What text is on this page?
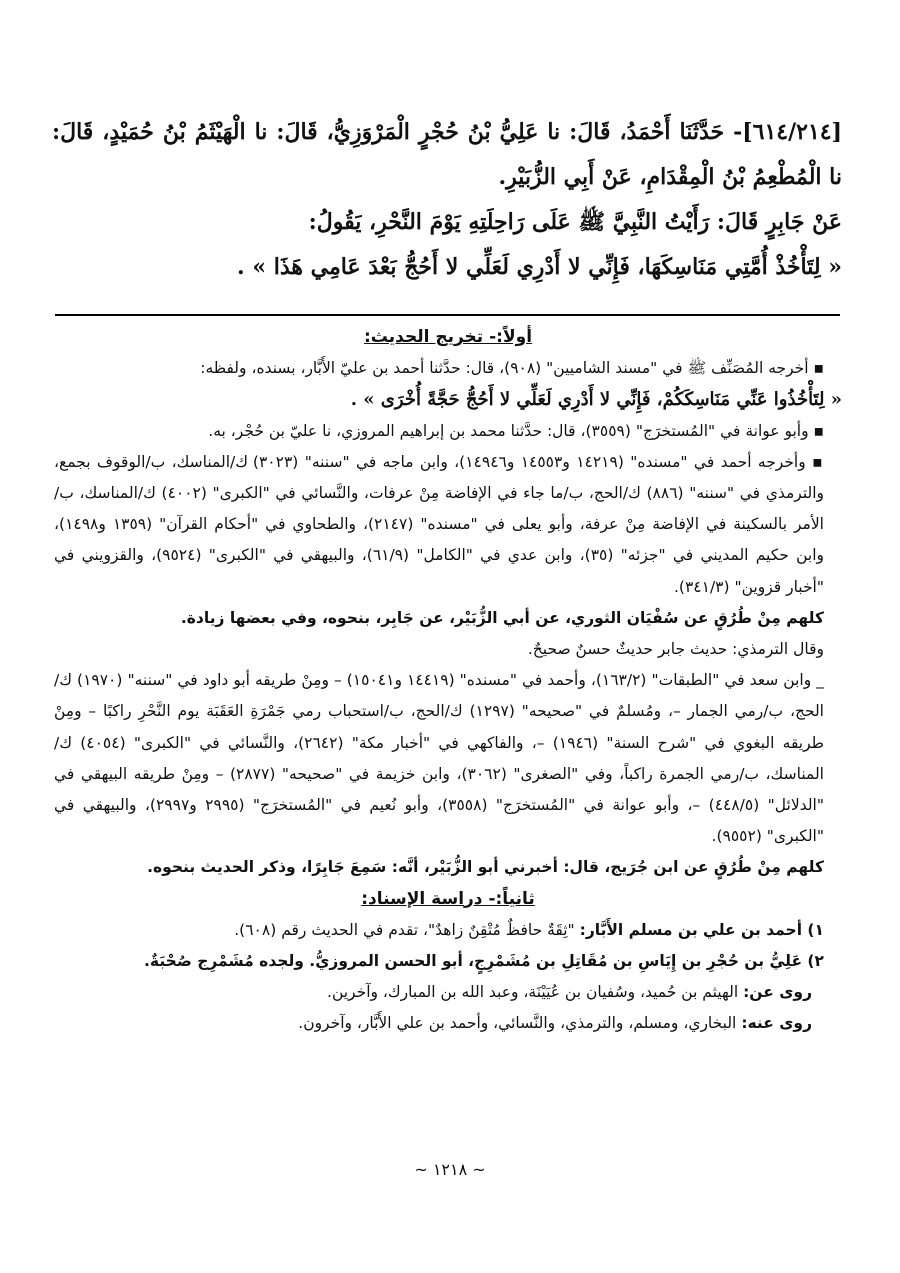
[٦١٤/٢١٤]- حَدَّثَنَا أَحْمَدُ، قَالَ: نا عَلِيُّ بْنُ حُجْرٍ الْمَرْوَزِيُّ، قَالَ: نا الْهَيْثَمُ بْنُ حُمَيْدٍ، قَالَ: نا الْمُطْعِمُ بْنُ الْمِقْدَامِ، عَنْ أَبِي الزُّبَيْرِ.

عَنْ جَابِرٍ قَالَ: رَأَيْتُ النَّبِيَّ ﷺ عَلَى رَاحِلَتِهِ يَوْمَ النَّحْرِ، يَقُولُ:

« لِتَأْخُذْ أُمَّتِي مَنَاسِكَهَا، فَإِنِّي لا أَدْرِي لَعَلِّي لا أَحُجُّ بَعْدَ عَامِي هَذَا » .

أولاً:- تخريج الحديث:

▪ أخرجه المُصَنِّف ﷺ في "مسند الشاميين" (٩٠٨)، قال: حدَّثنا أحمد بن عليّ الأَبَّار، بسنده، ولفظه:

« لِتَأْخُذُوا عَنِّي مَنَاسِكَكُمْ، فَإِنِّي لا أَدْرِي لَعَلِّي لا أَحُجُّ حَجَّةً أُخْرَى » .

▪ وأبو عوانة في "المُستخرَج" (٣٥٥٩)، قال: حدَّثنا محمد بن إبراهيم المروزي، نا عليّ بن حُجْر، به.

▪ وأخرجه أحمد في "مسنده" (١٤٢١٩ و١٤٥٥٣ و١٤٩٤٦)، وابن ماجه في "سننه" (٣٠٢٣) ك/المناسك، ب/الوقوف بجمع، والترمذي في "سننه" (٨٨٦) ك/الحج، ب/ما جاء في الإفاضة مِنْ عرفات، والنَّسائي في "الكبرى" (٤٠٠٢) ك/المناسك، ب/الأمر بالسكينة في الإفاضة مِنْ عرفة، وأبو يعلى في "مسنده" (٢١٤٧)، والطحاوي في "أحكام القرآن" (١٣٥٩ و١٤٩٨)، وابن حكيم المديني في "جزئه" (٣٥)، وابن عدي في "الكامل" (٦١/٩)، والبيهقي في "الكبرى" (٩٥٢٤)، والقزويني في "أخبار قزوين" (٣٤١/٣).

كلهم مِنْ طُرُقٍ عن سُفْيَان الثوري، عن أبي الزُّبَيْر، عن جَابِر، بنحوه، وفي بعضها زيادة.

وقال الترمذي: حديث جابر حديثٌ حسنٌ صحيحٌ.

_ وابن سعد في "الطبقات" (١٦٣/٢)، وأحمد في "مسنده" (١٤٤١٩ و١٥٠٤١) – ومِنْ طريقه أبو داود في "سننه" (١٩٧٠) ك/الحج، ب/رمي الجمار –، ومُسلمٌ في "صحيحه" (١٢٩٧) ك/الحج، ب/استحباب رمي جَمْرَةِ العَقَبَة يوم النَّحْرِ راكبًا – ومِنْ طريقه البغوي في "شرح السنة" (١٩٤٦) –، والفاكهي في "أخبار مكة" (٢٦٤٢)، والنَّسائي في "الكبرى" (٤٠٥٤) ك/المناسك، ب/رمي الجمرة راكباً، وفي "الصغرى" (٣٠٦٢)، وابن خزيمة في "صحيحه" (٢٨٧٧) – ومِنْ طريقه البيهقي في "الدلائل" (٤٤٨/٥) –، وأبو عوانة في "المُستخرَج" (٣٥٥٨)، وأبو نُعيم في "المُستخرَج" (٢٩٩٥ و٢٩٩٧)، والبيهقي في "الكبرى" (٩٥٥٢).

كلهم مِنْ طُرُقٍ عن ابن جُرَيج، قال: أخبرني أبو الزُّبَيْر، أنَّه: سَمِعَ جَابِرًا، وذكر الحديث بنحوه.

ثانياً:- دراسة الإسناد:

١) أحمد بن علي بن مسلم الأَبَّار: "ثِقَةٌ حافظٌ مُتْقِنٌ زاهدٌ"، تقدم في الحديث رقم (٦٠٨).

٢) عَلِيُّ بن حُجْرِ بن إِيَاسِ بن مُقَاتِلِ بن مُشَمْرِجٍ، أبو الحسن المروزيُّ. ولجده مُشَمْرِج صُحْبَةٌ.

روى عن: الهيثم بن حُميد، وسُفيان بن عُيَيْنَة، وعبد الله بن المبارك، وآخرين.

روى عنه: البخاري، ومسلم، والترمذي، والنَّسائي، وأحمد بن علي الأَبَّار، وآخرون.

~ ١٢١٨ ~
